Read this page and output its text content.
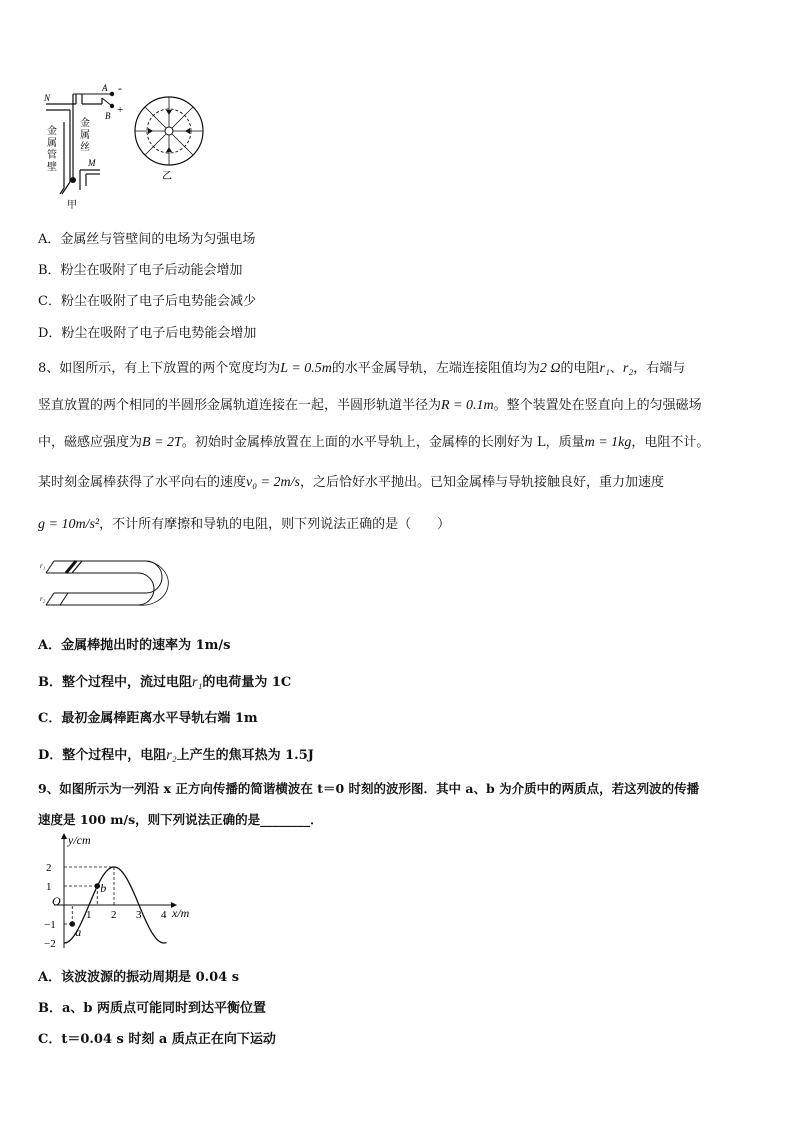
-
+
A
B
N
M
金
属
管
壁
金
属
丝
甲
乙
A．金属丝与管壁间的电场为匀强电场
B．粉尘在吸附了电子后动能会增加
C．粉尘在吸附了电子后电势能会减少
D．粉尘在吸附了电子后电势能会增加
8、如图所示，有上下放置的两个宽度均为L = 0.5m的水平金属导轨，左端连接阻值均为2 Ω的电阻r₁、r₂，右端与
竖直放置的两个相同的半圆形金属轨道连接在一起，半圆形轨道半径为R = 0.1m。整个装置处在竖直向上的匀强磁场
中，磁感应强度为B = 2T。初始时金属棒放置在上面的水平导轨上，金属棒的长刚好为 L，质量m = 1kg，电阻不计。
某时刻金属棒获得了水平向右的速度v₀ = 2m/s，之后恰好水平抛出。已知金属棒与导轨接触良好，重力加速度
g = 10m/s²，不计所有摩擦和导轨的电阻，则下列说法正确的是（　　）
r₁
r₂
A．金属棒抛出时的速率为 1m/s
B．整个过程中，流过电阻r₁的电荷量为 1C
C．最初金属棒距离水平导轨右端 1m
D．整个过程中，电阻r₂上产生的焦耳热为 1.5J
9、如图所示为一列沿 x 正方向传播的简谐横波在 t＝0 时刻的波形图．其中 a、b 为介质中的两质点，若这列波的传播
速度是 100 m/s，则下列说法正确的是________．
y/cm
x/m
O
1 2 3 4
2
1
−1
−2
a
b
A．该波波源的振动周期是 0.04 s
B．a、b 两质点可能同时到达平衡位置
C．t＝0.04 s 时刻 a 质点正在向下运动
